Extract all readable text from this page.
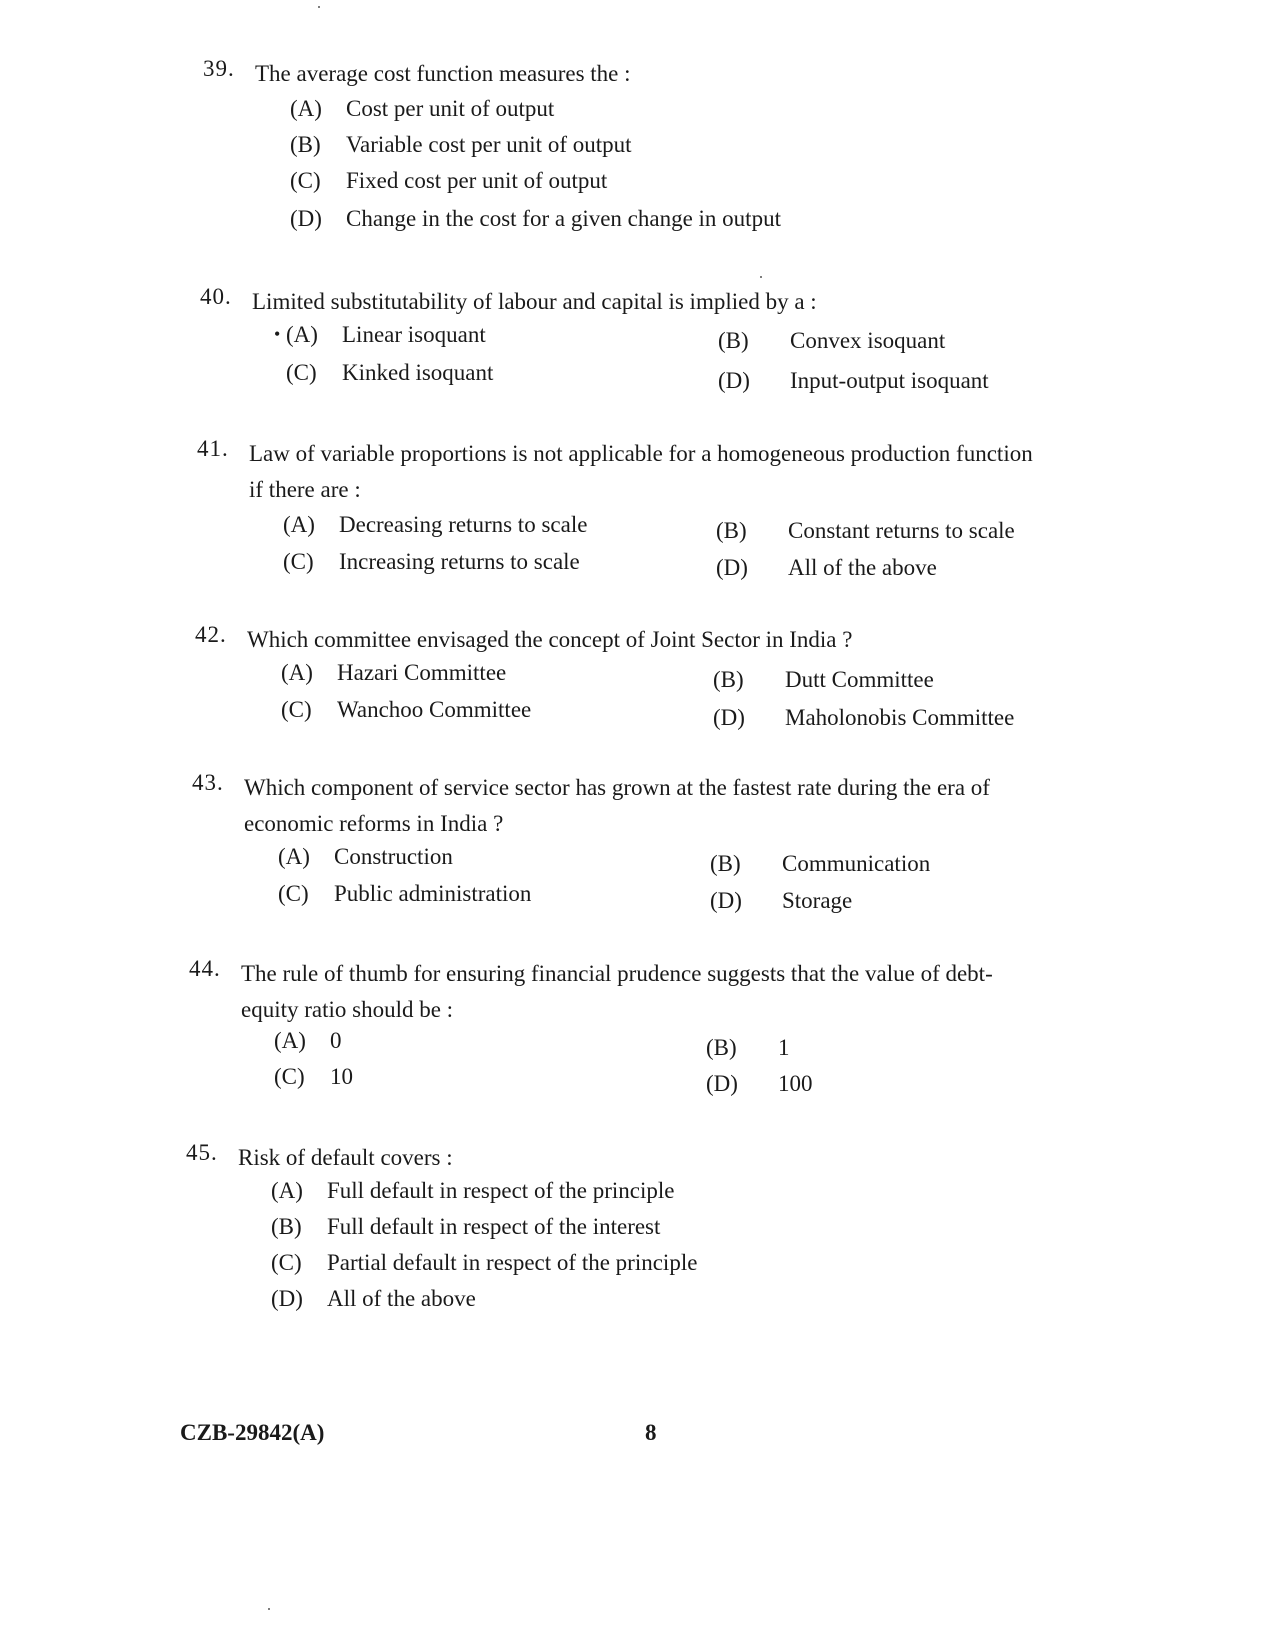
39. The average cost function measures the :
(A) Cost per unit of output
(B) Variable cost per unit of output
(C) Fixed cost per unit of output
(D) Change in the cost for a given change in output
40. Limited substitutability of labour and capital is implied by a :
• (A) Linear isoquant	(B) Convex isoquant
(C) Kinked isoquant	(D) Input-output isoquant
41. Law of variable proportions is not applicable for a homogeneous production function
if there are :
(A) Decreasing returns to scale	(B) Constant returns to scale
(C) Increasing returns to scale	(D) All of the above
42. Which committee envisaged the concept of Joint Sector in India ?
(A) Hazari Committee	(B) Dutt Committee
(C) Wanchoo Committee	(D) Maholonobis Committee
43. Which component of service sector has grown at the fastest rate during the era of
economic reforms in India ?
(A) Construction	(B) Communication
(C) Public administration	(D) Storage
44. The rule of thumb for ensuring financial prudence suggests that the value of debt-
equity ratio should be :
(A) 0	(B) 1
(C) 10	(D) 100
45. Risk of default covers :
(A) Full default in respect of the principle
(B) Full default in respect of the interest
(C) Partial default in respect of the principle
(D) All of the above
CZB-29842(A)	8
